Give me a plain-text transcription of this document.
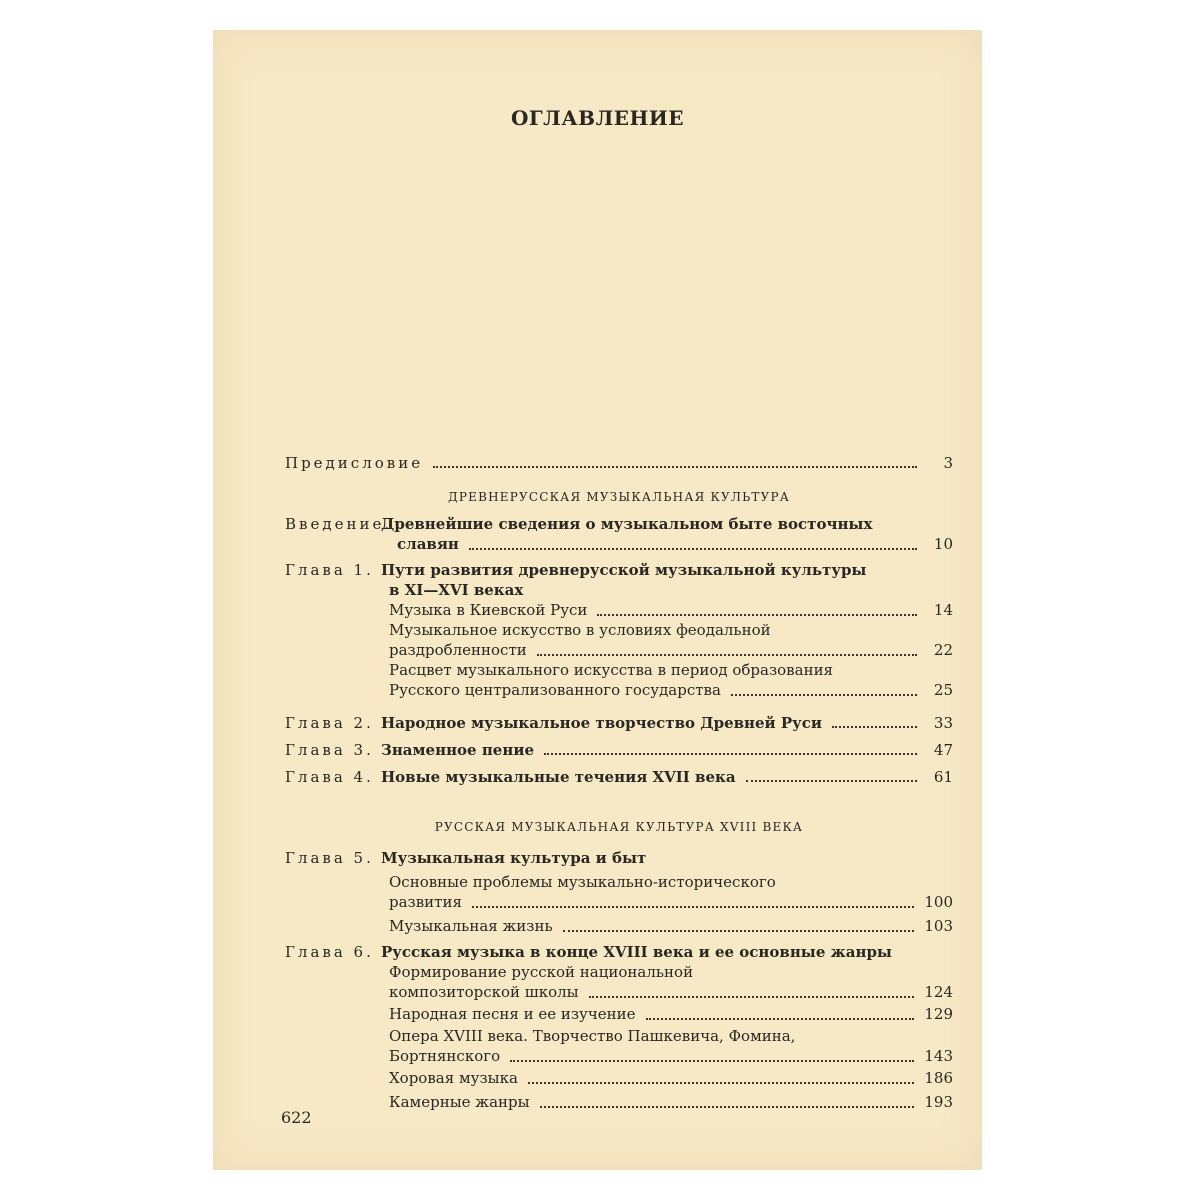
ОГЛАВЛЕНИЕ
Предисловие	3
ДРЕВНЕРУССКАЯ МУЗЫКАЛЬНАЯ КУЛЬТУРА
Введение.
Древнейшие сведения о музыкальном быте восточных
славян	10
Глава 1. Пути развития древнерусской музыкальной культуры
в XI—XVI веках
Музыка в Киевской Руси	14
Музыкальное искусство в условиях феодальной
раздробленности	22
Расцвет музыкального искусства в период образования
Русского централизованного государства	25
Глава 2. Народное музыкальное творчество Древней Руси	33
Глава 3. Знаменное пение	47
Глава 4. Новые музыкальные течения XVII века	61
РУССКАЯ МУЗЫКАЛЬНАЯ КУЛЬТУРА XVIII ВЕКА
Глава 5. Музыкальная культура и быт
Основные проблемы музыкально-исторического
развития	100
Музыкальная жизнь	103
Глава 6. Русская музыка в конце XVIII века и ее основные жанры
Формирование русской национальной
композиторской школы	124
Народная песня и ее изучение	129
Опера XVIII века. Творчество Пашкевича, Фомина,
Бортнянского	143
Хоровая музыка	186
Камерные жанры	193
622
